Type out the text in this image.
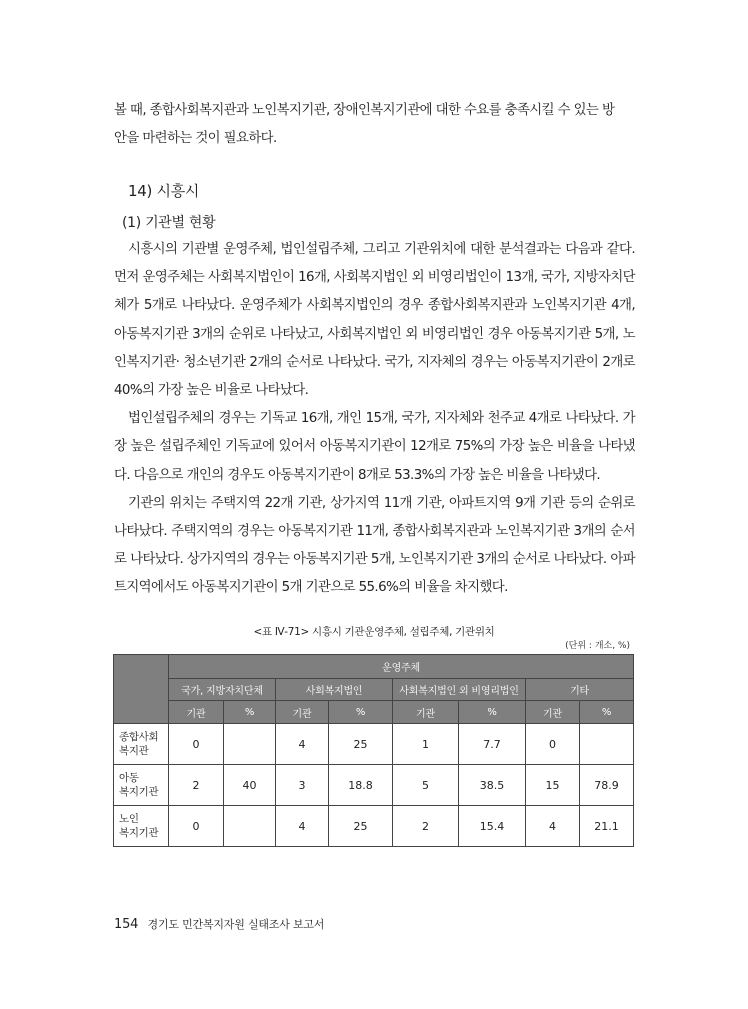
볼 때, 종합사회복지관과 노인복지기관, 장애인복지기관에 대한 수요를 충족시킬 수 있는 방

안을 마련하는 것이 필요하다.

14) 시흥시
(1) 기관별 현황

시흥시의 기관별 운영주체, 법인설립주체, 그리고 기관위치에 대한 분석결과는 다음과 같다. 먼저 운영주체는 사회복지법인이 16개, 사회복지법인 외 비영리법인이 13개, 국가, 지방자치단체가 5개로 나타났다. 운영주체가 사회복지법인의 경우 종합사회복지관과 노인복지기관 4개, 아동복지기관 3개의 순위로 나타났고, 사회복지법인 외 비영리법인 경우 아동복지기관 5개, 노인복지기관· 청소년기관 2개의 순서로 나타났다. 국가, 지자체의 경우는 아동복지기관이 2개로 40%의 가장 높은 비율로 나타났다.

법인설립주체의 경우는 기독교 16개, 개인 15개, 국가, 지자체와 천주교 4개로 나타났다. 가장 높은 설립주체인 기독교에 있어서 아동복지기관이 12개로 75%의 가장 높은 비율을 나타냈다. 다음으로 개인의 경우도 아동복지기관이 8개로 53.3%의 가장 높은 비율을 나타냈다.

기관의 위치는 주택지역 22개 기관, 상가지역 11개 기관, 아파트지역 9개 기관 등의 순위로 나타났다. 주택지역의 경우는 아동복지기관 11개, 종합사회복지관과 노인복지기관 3개의 순서로 나타났다. 상가지역의 경우는 아동복지기관 5개, 노인복지기관 3개의 순서로 나타났다. 아파트지역에서도 아동복지기관이 5개 기관으로 55.6%의 비율을 차지했다.

<표 Ⅳ-71> 시흥시 기관운영주체, 설립주체, 기관위치
(단위 : 개소, %)
	운영주체							
	국가, 지방자치단체		사회복지법인		사회복지법인 외 비영리법인		기타	
	기관	%	기관	%	기관	%	기관	%
종합사회
복지관	0		4	25	1	7.7	0	
아동
복지기관	2	40	3	18.8	5	38.5	15	78.9
노인
복지기관	0		4	25	2	15.4	4	21.1
154 경기도 민간복지자원 실태조사 보고서
